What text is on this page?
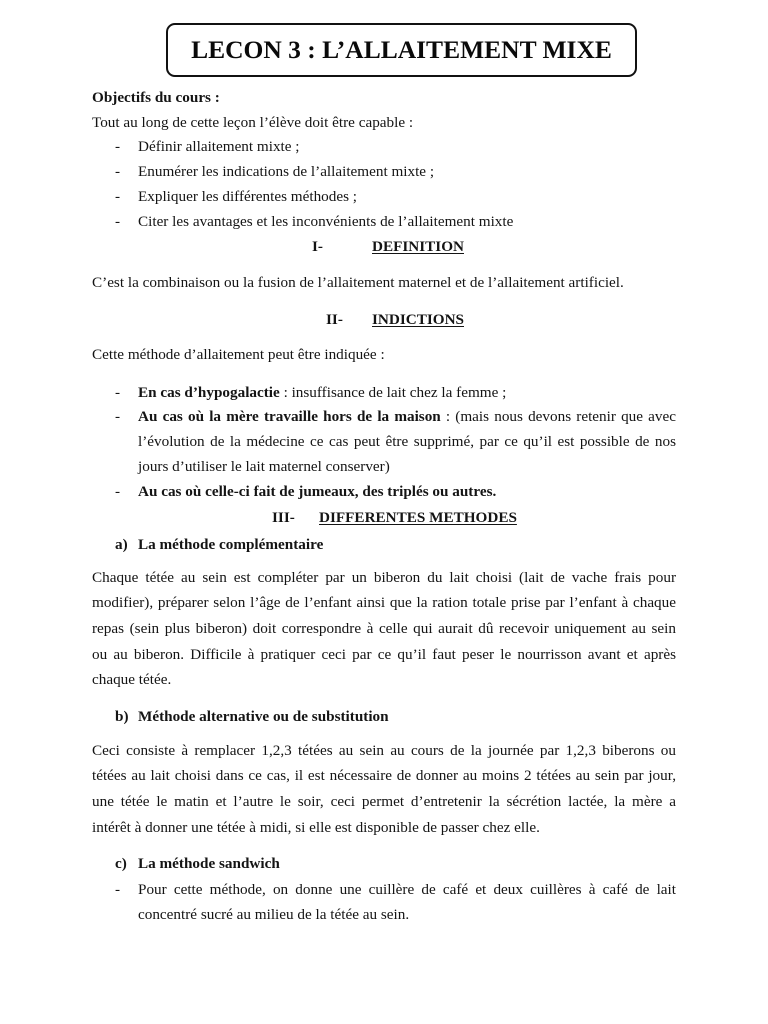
LECON 3 : L’ALLAITEMENT MIXE
Objectifs du cours :
Tout au long de cette leçon l’élève doit être capable :
- Définir allaitement mixte ;
- Enumérer les indications de l’allaitement mixte ;
- Expliquer les différentes méthodes ;
- Citer les avantages et les inconvénients de l’allaitement mixte
I-	DEFINITION
C’est la combinaison ou la fusion de l’allaitement maternel et de l’allaitement artificiel.
II- INDICTIONS
Cette méthode d’allaitement peut être indiquée :
- En cas d’hypogalactie : insuffisance de lait chez la femme ;
- Au cas où la mère travaille hors de la maison : (mais nous devons retenir que avec
l’évolution de la médecine ce cas peut être supprimé, par ce qu’il est possible de nos
jours d’utiliser le lait maternel conserver)
- Au cas où celle-ci fait de jumeaux, des triplés ou autres.
III- DIFFERENTES METHODES
a) La méthode complémentaire
Chaque tétée au sein est compléter par un biberon du lait choisi (lait de vache frais pour
modifier), préparer selon l’âge de l’enfant ainsi que la ration totale prise par l’enfant à chaque
repas (sein plus biberon) doit correspondre à celle qui aurait dû recevoir uniquement au sein
ou au biberon. Difficile à pratiquer ceci par ce qu’il faut peser le nourrisson avant et après
chaque tétée.
b) Méthode alternative ou de substitution
Ceci consiste à remplacer 1,2,3 tétées au sein au cours de la journée par 1,2,3 biberons ou
tétées au lait choisi dans ce cas, il est nécessaire de donner au moins 2 tétées au sein par jour,
une tétée le matin et l’autre le soir, ceci permet d’entretenir la sécrétion lactée, la mère a
intérêt à donner une tétée à midi, si elle est disponible de passer chez elle.
c) La méthode sandwich
- Pour cette méthode, on donne une cuillère de café et deux cuillères à café de lait
concentré sucré au milieu de la tétée au sein.
